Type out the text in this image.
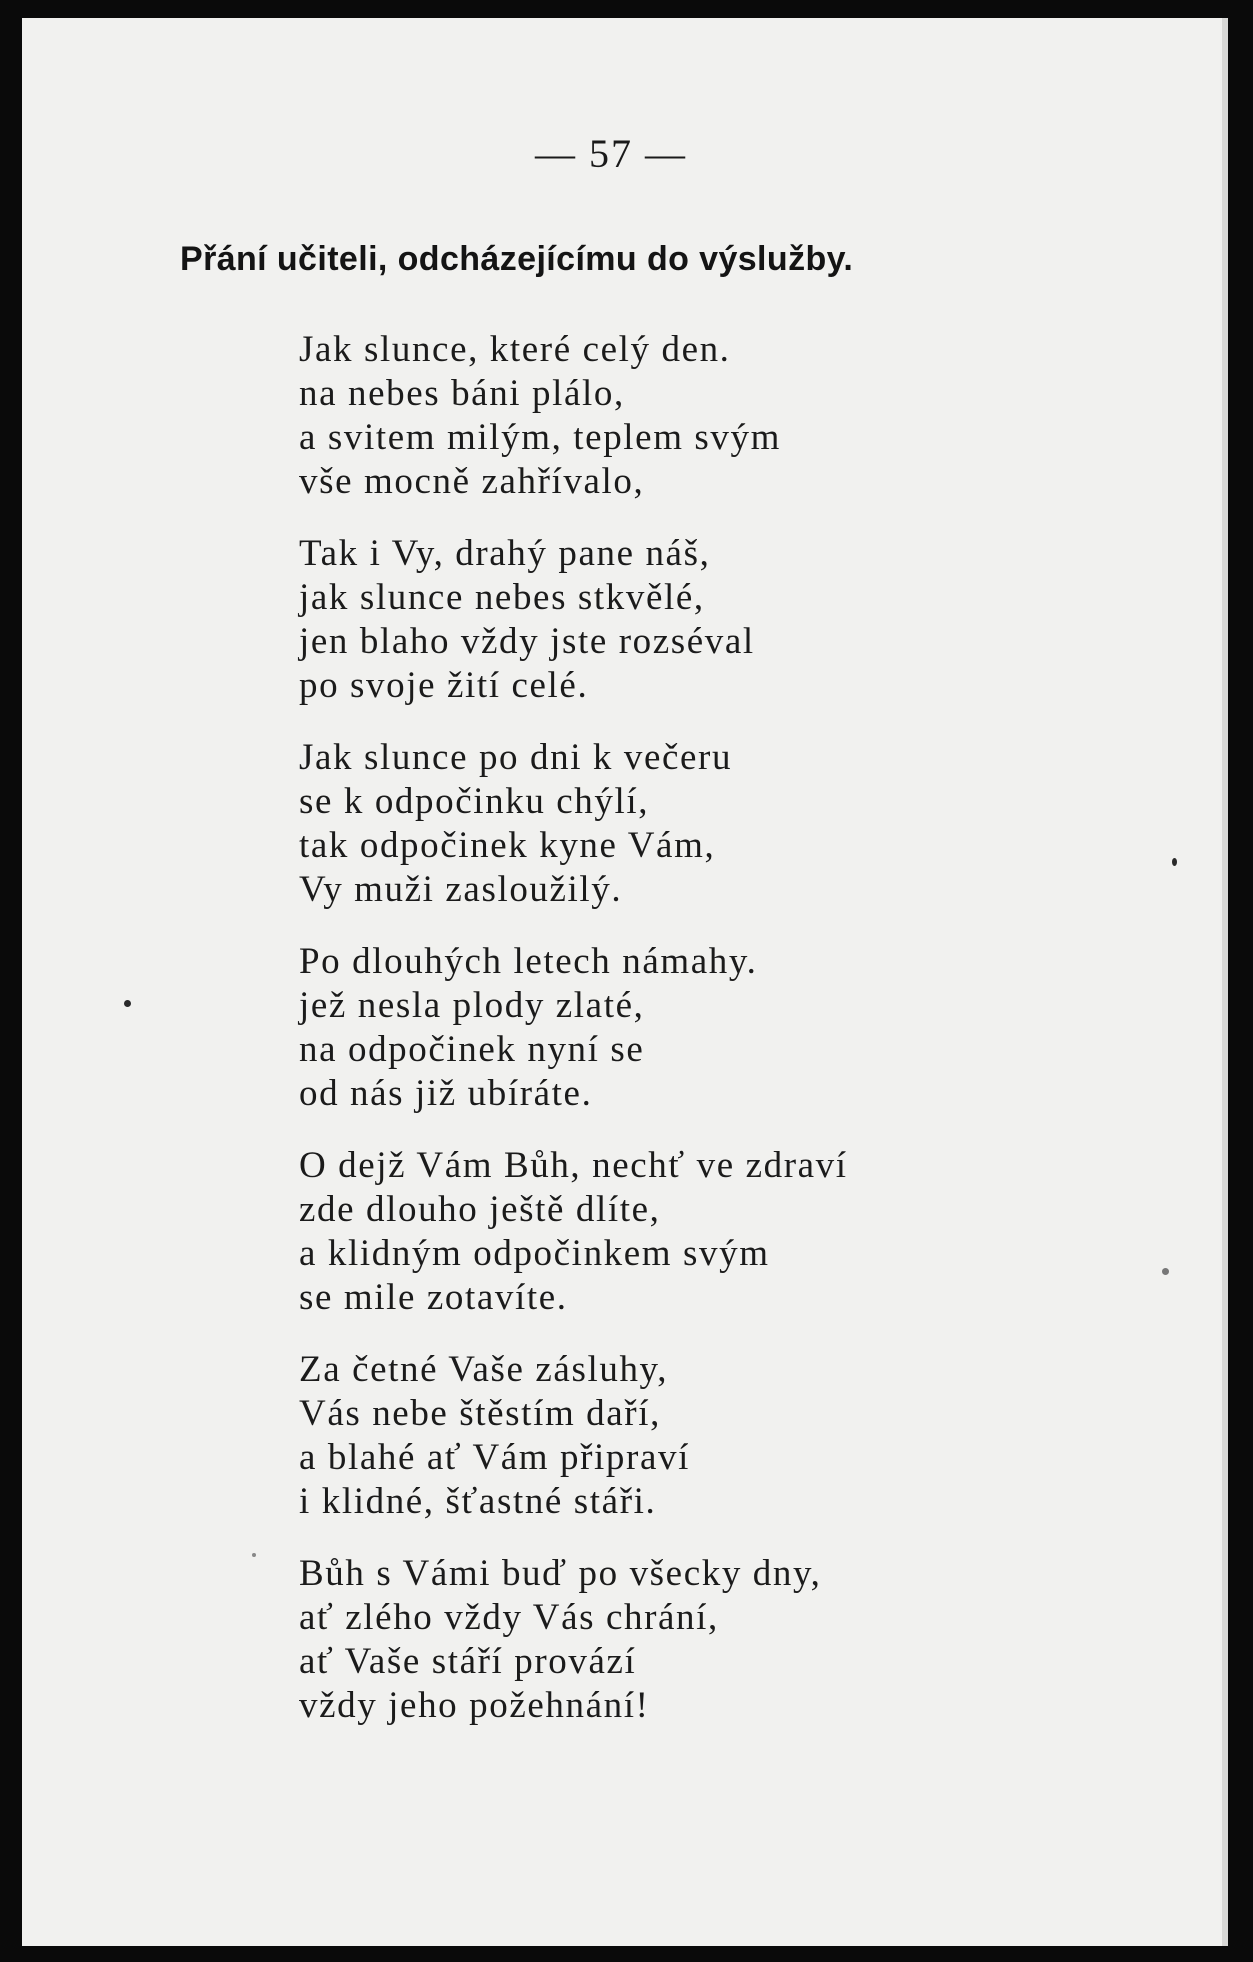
— 57 —
Přání učiteli, odcházejícímu do výslužby.
Jak slunce, které celý den.
na nebes báni plálo,
a svitem milým, teplem svým
vše mocně zahřívalo,
Tak i Vy, drahý pane náš,
jak slunce nebes stkvělé,
jen blaho vždy jste rozséval
po svoje žití celé.
Jak slunce po dni k večeru
se k odpočinku chýlí,
tak odpočinek kyne Vám,
Vy muži zasloužilý.
Po dlouhých letech námahy.
jež nesla plody zlaté,
na odpočinek nyní se
od nás již ubíráte.
O dejž Vám Bůh, nechť ve zdraví
zde dlouho ještě dlíte,
a klidným odpočinkem svým
se mile zotavíte.
Za četné Vaše zásluhy,
Vás nebe štěstím daří,
a blahé ať Vám připraví
i klidné, šťastné stáři.
Bůh s Vámi buď po všecky dny,
ať zlého vždy Vás chrání,
ať Vaše stáří provází
vždy jeho požehnání!
